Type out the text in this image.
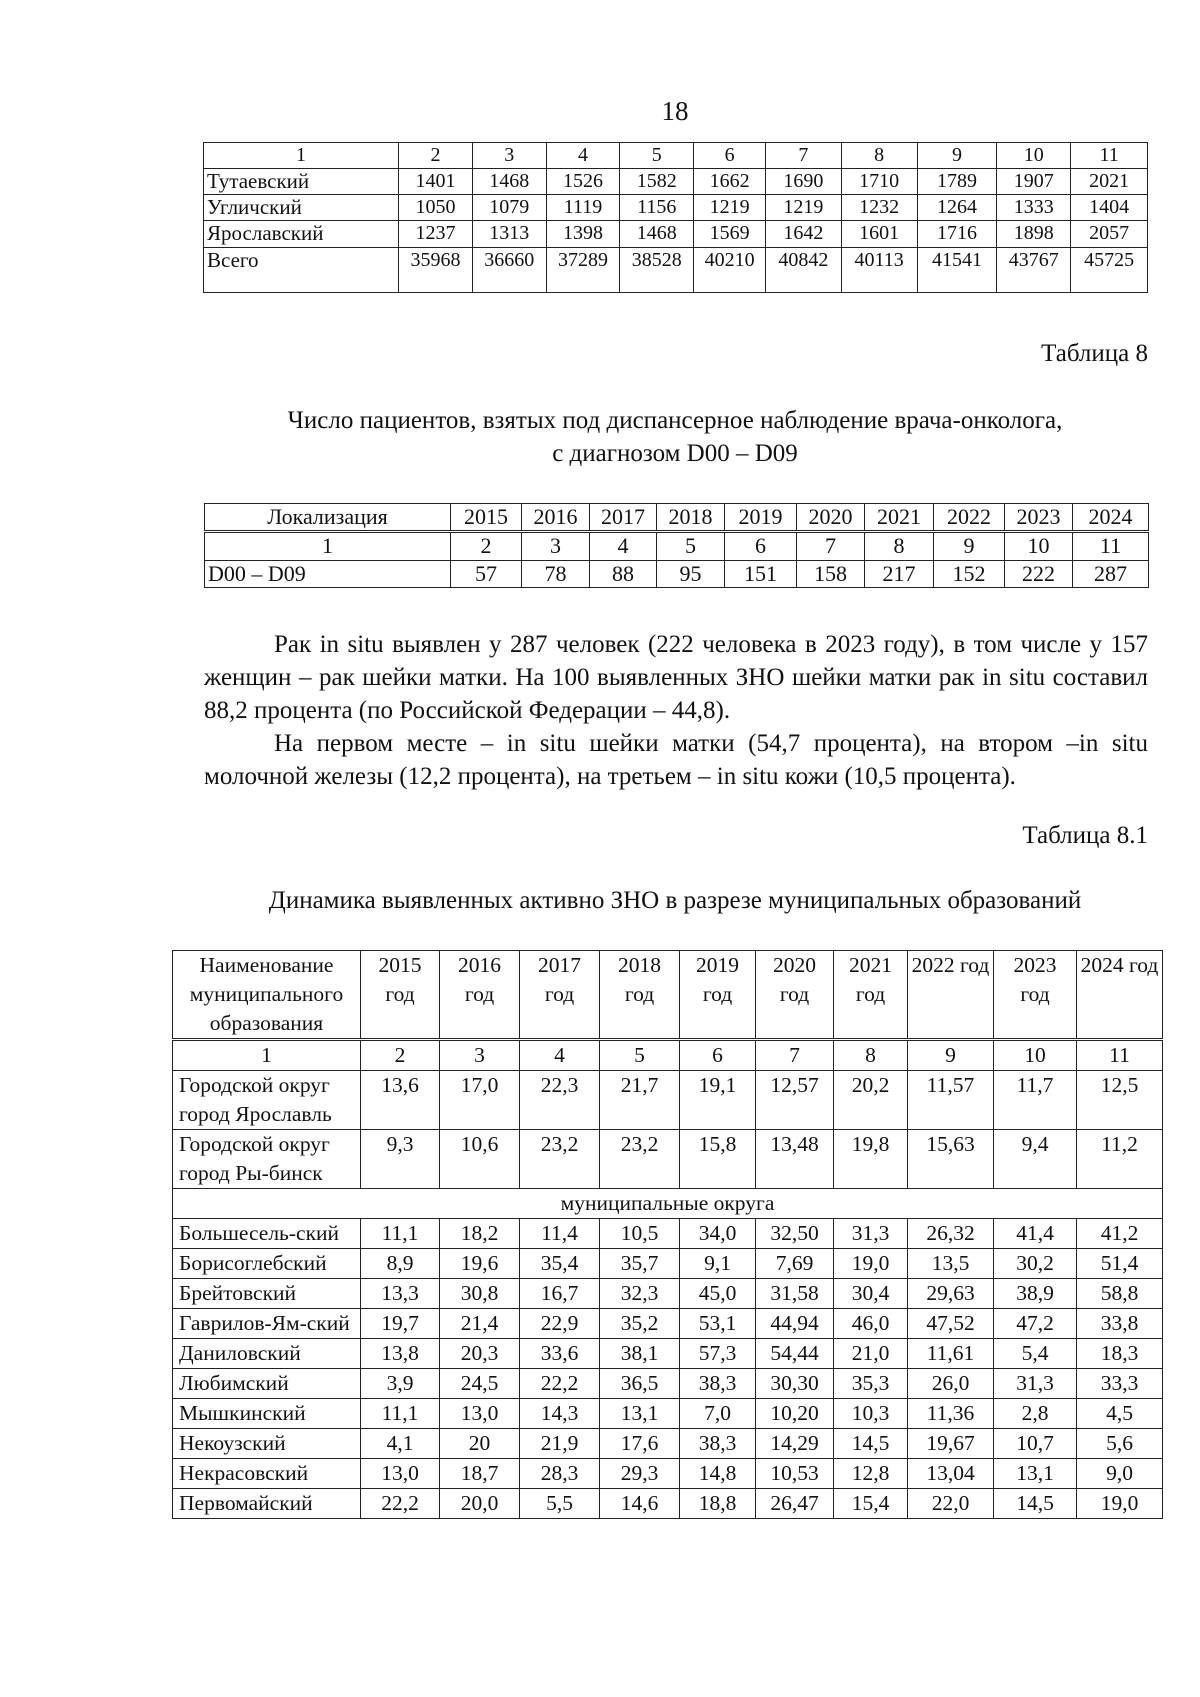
18
1	2	3	4	5	6	7	8	9	10	11
Тутаевский	1401	1468	1526	1582	1662	1690	1710	1789	1907	2021
Угличский	1050	1079	1119	1156	1219	1219	1232	1264	1333	1404
Ярославский	1237	1313	1398	1468	1569	1642	1601	1716	1898	2057
Всего	35968	36660	37289	38528	40210	40842	40113	41541	43767	45725
Таблица 8
Число пациентов, взятых под диспансерное наблюдение врача-онколога,
с диагнозом D00 – D09
Локализация	2015	2016	2017	2018	2019	2020	2021	2022	2023	2024
1	2	3	4	5	6	7	8	9	10	11
D00 – D09	57	78	88	95	151	158	217	152	222	287

Рак in situ выявлен у 287 человек (222 человека в 2023 году), в том числе у 157 женщин – рак шейки матки. На 100 выявленных ЗНО шейки матки рак in situ составил 88,2 процента (по Российской Федерации – 44,8).

На первом месте – in situ шейки матки (54,7 процента), на втором –in situ молочной железы (12,2 процента), на третьем – in situ кожи (10,5 процента).

Таблица 8.1
Динамика выявленных активно ЗНО в разрезе муниципальных образований
Наименование муниципального образования	2015 год	2016 год	2017 год	2018 год	2019 год	2020 год	2021 год	2022 год	2023 год	2024 год
1	2	3	4	5	6	7	8	9	10	11
Городской округ город Ярославль	13,6	17,0	22,3	21,7	19,1	12,57	20,2	11,57	11,7	12,5
Городской округ город Ры-бинск	9,3	10,6	23,2	23,2	15,8	13,48	19,8	15,63	9,4	11,2
муниципальные округа										
Большесель-ский	11,1	18,2	11,4	10,5	34,0	32,50	31,3	26,32	41,4	41,2
Борисоглебский	8,9	19,6	35,4	35,7	9,1	7,69	19,0	13,5	30,2	51,4
Брейтовский	13,3	30,8	16,7	32,3	45,0	31,58	30,4	29,63	38,9	58,8
Гаврилов-Ям-ский	19,7	21,4	22,9	35,2	53,1	44,94	46,0	47,52	47,2	33,8
Даниловский	13,8	20,3	33,6	38,1	57,3	54,44	21,0	11,61	5,4	18,3
Любимский	3,9	24,5	22,2	36,5	38,3	30,30	35,3	26,0	31,3	33,3
Мышкинский	11,1	13,0	14,3	13,1	7,0	10,20	10,3	11,36	2,8	4,5
Некоузский	4,1	20	21,9	17,6	38,3	14,29	14,5	19,67	10,7	5,6
Некрасовский	13,0	18,7	28,3	29,3	14,8	10,53	12,8	13,04	13,1	9,0
Первомайский	22,2	20,0	5,5	14,6	18,8	26,47	15,4	22,0	14,5	19,0
